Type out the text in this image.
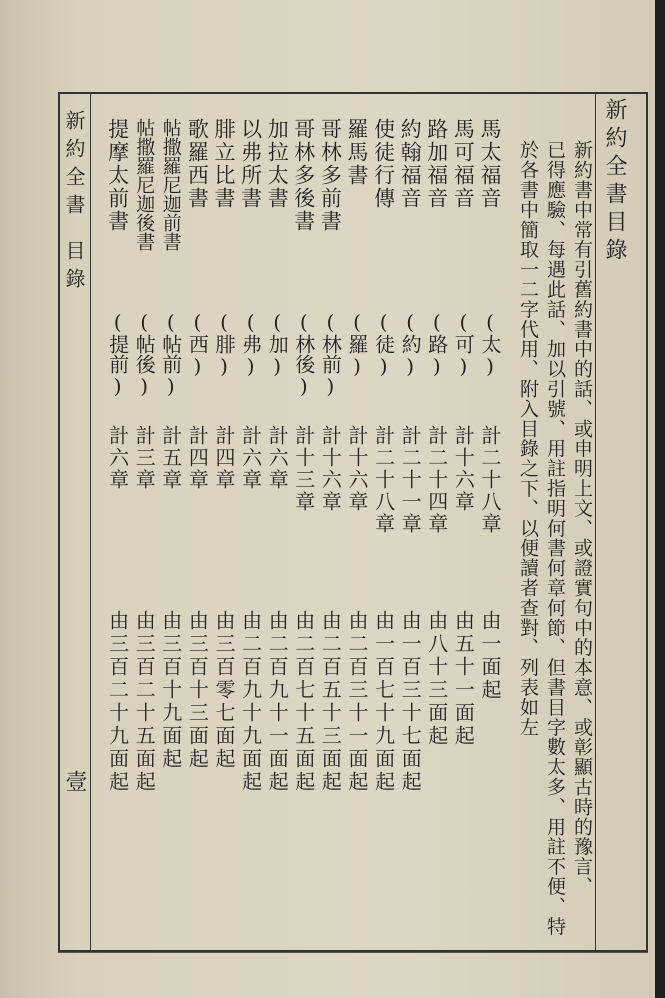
新約全書
目錄
壹
新約全書目錄
新約書中常有引舊約書中的話、或申明上文、或證實句中的本意、或彰顯古時的豫言、
已得應驗、每遇此話、加以引號、用註指明何書何章何節、但書目字數太多、用註不便、特
於各書中簡取一二字代用、附入目錄之下、以便讀者查對、列表如左
馬太福音
(太)
計二十八章
由一面起
馬可福音
(可)
計十六章
由五十一面起
路加福音
(路)
計二十四章
由八十三面起
約翰福音
(約)
計二十一章
由一百三十七面起
使徒行傳
(徒)
計二十八章
由一百七十九面起
羅馬書
(羅)
計十六章
由二百三十一面起
哥林多前書
(林前)
計十六章
由二百五十三面起
哥林多後書
(林後)
計十三章
由二百七十五面起
加拉太書
(加)
計六章
由二百九十一面起
以弗所書
(弗)
計六章
由二百九十九面起
腓立比書
(腓)
計四章
由三百零七面起
歌羅西書
(西)
計四章
由三百十三面起
帖撒羅尼迦前書
(帖前)
計五章
由三百十九面起
帖撒羅尼迦後書
(帖後)
計三章
由三百二十五面起
提摩太前書
(提前)
計六章
由三百二十九面起
